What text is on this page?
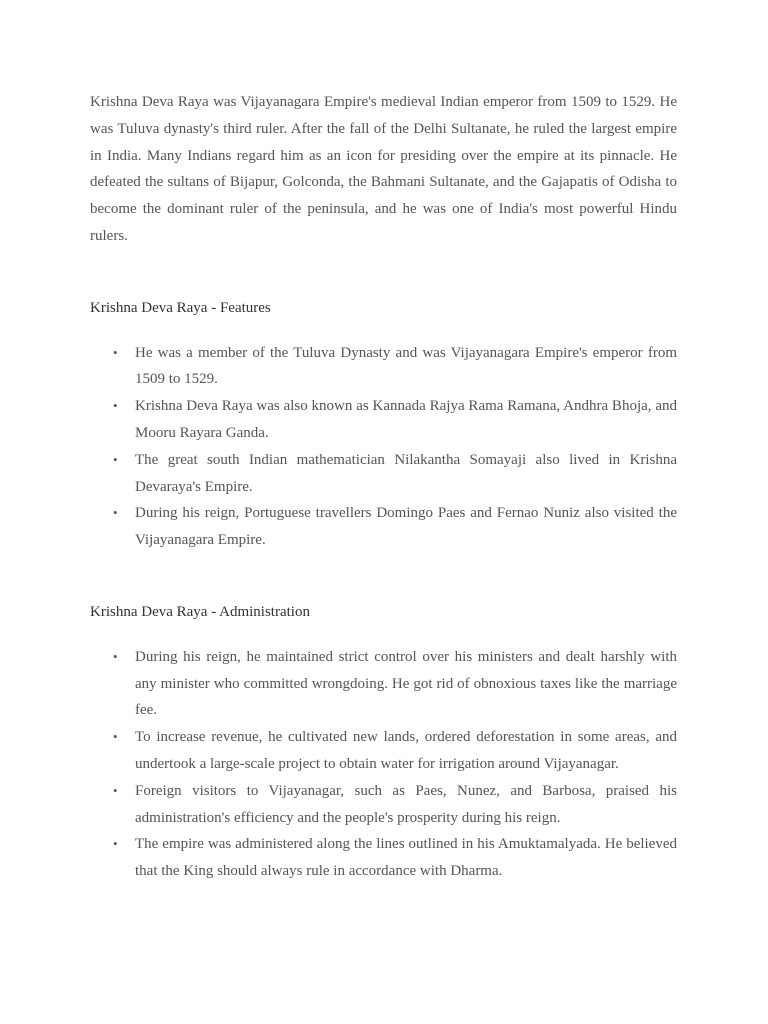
Krishna Deva Raya was Vijayanagara Empire's medieval Indian emperor from 1509 to 1529. He was Tuluva dynasty's third ruler. After the fall of the Delhi Sultanate, he ruled the largest empire in India. Many Indians regard him as an icon for presiding over the empire at its pinnacle. He defeated the sultans of Bijapur, Golconda, the Bahmani Sultanate, and the Gajapatis of Odisha to become the dominant ruler of the peninsula, and he was one of India's most powerful Hindu rulers.

Krishna Deva Raya - Features
• He was a member of the Tuluva Dynasty and was Vijayanagara Empire's emperor from 1509 to 1529.
• Krishna Deva Raya was also known as Kannada Rajya Rama Ramana, Andhra Bhoja, and Mooru Rayara Ganda.
• The great south Indian mathematician Nilakantha Somayaji also lived in Krishna Devaraya's Empire.
• During his reign, Portuguese travellers Domingo Paes and Fernao Nuniz also visited the Vijayanagara Empire.
Krishna Deva Raya - Administration
• During his reign, he maintained strict control over his ministers and dealt harshly with any minister who committed wrongdoing. He got rid of obnoxious taxes like the marriage fee.
• To increase revenue, he cultivated new lands, ordered deforestation in some areas, and undertook a large-scale project to obtain water for irrigation around Vijayanagar.
• Foreign visitors to Vijayanagar, such as Paes, Nunez, and Barbosa, praised his administration's efficiency and the people's prosperity during his reign.
• The empire was administered along the lines outlined in his Amuktamalyada. He believed that the King should always rule in accordance with Dharma.
